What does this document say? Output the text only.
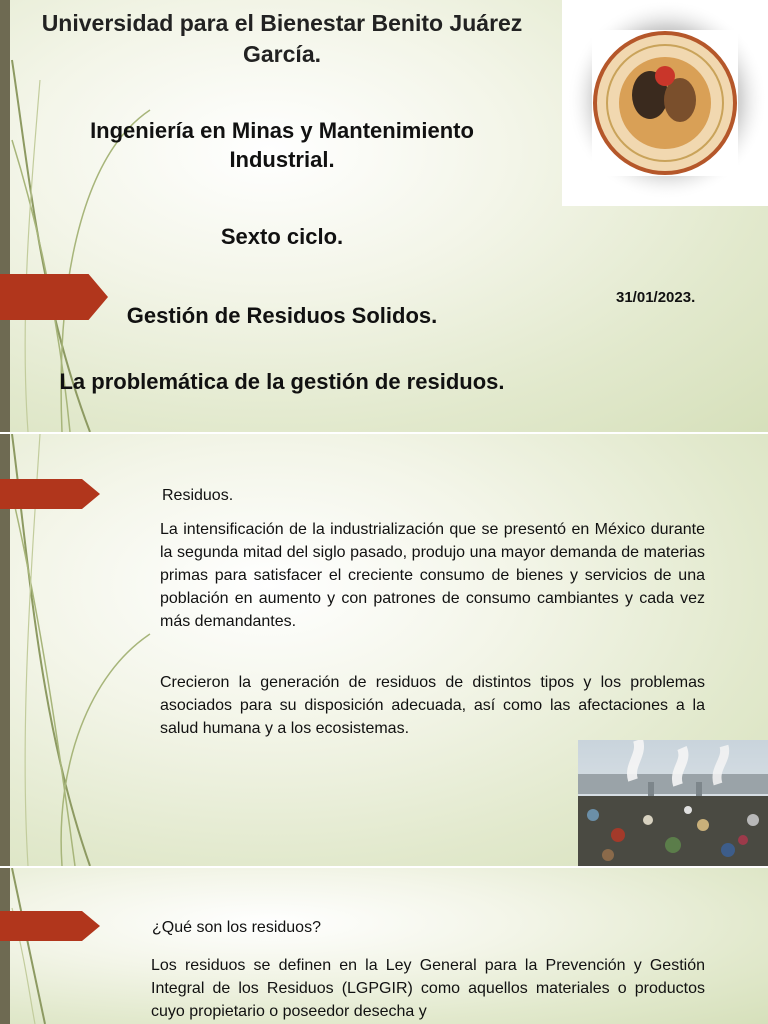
Universidad para el Bienestar Benito Juárez García.
Ingeniería en Minas y Mantenimiento Industrial.
Sexto ciclo.
Gestión de Residuos Solidos.
La problemática de la gestión de residuos.
31/01/2023.
Residuos.
La intensificación de la industrialización que se presentó en México durante la segunda mitad del siglo pasado, produjo una mayor demanda de materias primas para satisfacer el creciente consumo de bienes y servicios de una población en aumento y con patrones de consumo cambiantes y cada vez más demandantes.
Crecieron la generación de residuos de distintos tipos y los problemas asociados para su disposición adecuada, así como las afectaciones a la salud humana y a los ecosistemas.
¿Qué son los residuos?
Los residuos se definen en la Ley General para la Prevención y Gestión Integral de los Residuos (LGPGIR) como aquellos materiales o productos cuyo propietario o poseedor desecha y
